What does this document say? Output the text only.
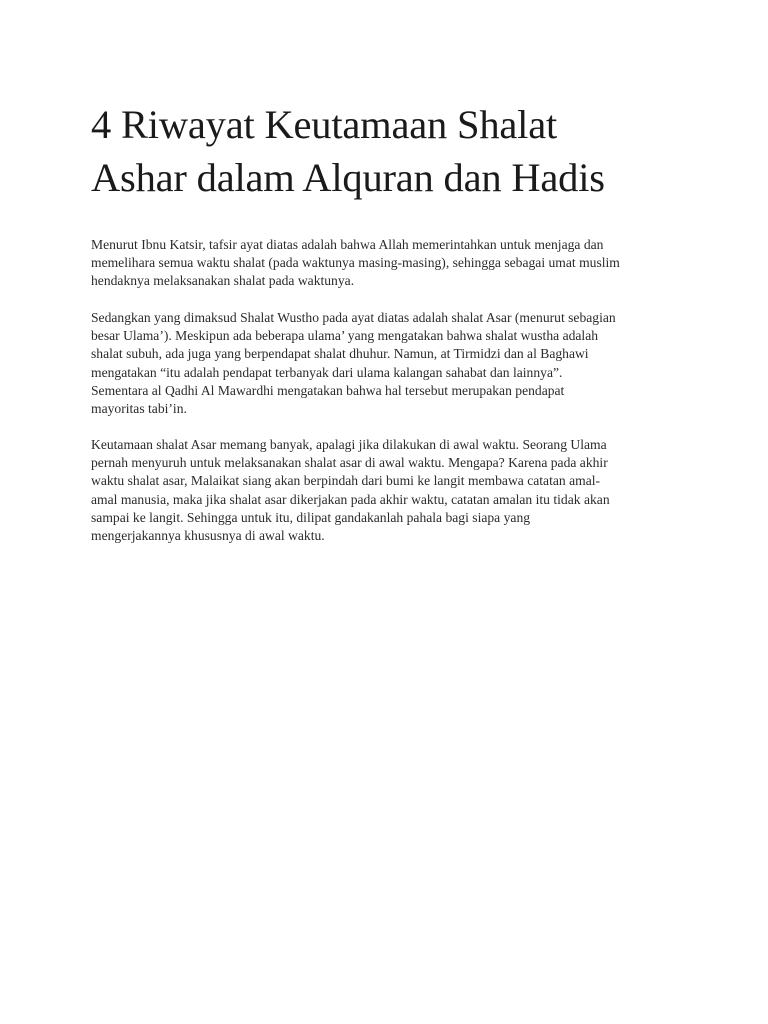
4 Riwayat Keutamaan Shalat
Ashar dalam Alquran dan Hadis

Menurut Ibnu Katsir, tafsir ayat diatas adalah bahwa Allah memerintahkan untuk menjaga dan
memelihara semua waktu shalat (pada waktunya masing-masing), sehingga sebagai umat muslim
hendaknya melaksanakan shalat pada waktunya.

Sedangkan yang dimaksud Shalat Wustho pada ayat diatas adalah shalat Asar (menurut sebagian
besar Ulama’). Meskipun ada beberapa ulama’ yang mengatakan bahwa shalat wustha adalah
shalat subuh, ada juga yang berpendapat shalat dhuhur. Namun, at Tirmidzi dan al Baghawi
mengatakan “itu adalah pendapat terbanyak dari ulama kalangan sahabat dan lainnya”.
Sementara al Qadhi Al Mawardhi mengatakan bahwa hal tersebut merupakan pendapat
mayoritas tabi’in.

Keutamaan shalat Asar memang banyak, apalagi jika dilakukan di awal waktu. Seorang Ulama
pernah menyuruh untuk melaksanakan shalat asar di awal waktu. Mengapa? Karena pada akhir
waktu shalat asar, Malaikat siang akan berpindah dari bumi ke langit membawa catatan amal-
amal manusia, maka jika shalat asar dikerjakan pada akhir waktu, catatan amalan itu tidak akan
sampai ke langit. Sehingga untuk itu, dilipat gandakanlah pahala bagi siapa yang
mengerjakannya khususnya di awal waktu.
